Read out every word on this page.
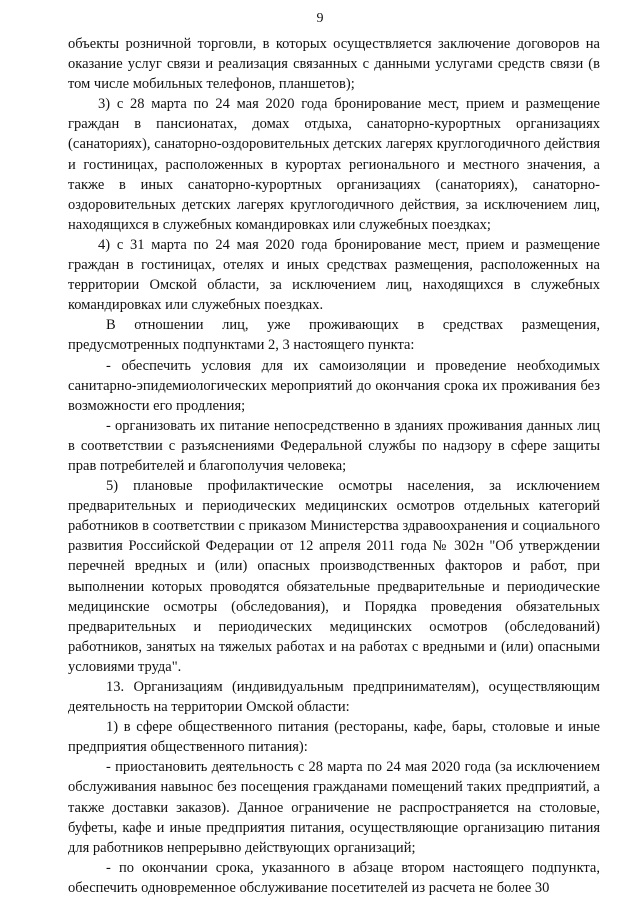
9

объекты розничной торговли, в которых осуществляется заключение договоров на оказание услуг связи и реализация связанных с данными услугами средств связи (в том числе мобильных телефонов, планшетов);

3) с 28 марта по 24 мая 2020 года бронирование мест, прием и размещение граждан в пансионатах, домах отдыха, санаторно-курортных организациях (санаториях), санаторно-оздоровительных детских лагерях круглогодичного действия и гостиницах, расположенных в курортах регионального и местного значения, а также в иных санаторно-курортных организациях (санаториях), санаторно-оздоровительных детских лагерях круглогодичного действия, за исключением лиц, находящихся в служебных командировках или служебных поездках;

4) с 31 марта по 24 мая 2020 года бронирование мест, прием и размещение граждан в гостиницах, отелях и иных средствах размещения, расположенных на территории Омской области, за исключением лиц, находящихся в служебных командировках или служебных поездках.

В отношении лиц, уже проживающих в средствах размещения, предусмотренных подпунктами 2, 3 настоящего пункта:

- обеспечить условия для их самоизоляции и проведение необходимых санитарно-эпидемиологических мероприятий до окончания срока их проживания без возможности его продления;

- организовать их питание непосредственно в зданиях проживания данных лиц в соответствии с разъяснениями Федеральной службы по надзору в сфере защиты прав потребителей и благополучия человека;

5) плановые профилактические осмотры населения, за исключением предварительных и периодических медицинских осмотров отдельных категорий работников в соответствии с приказом Министерства здравоохранения и социального развития Российской Федерации от 12 апреля 2011 года № 302н "Об утверждении перечней вредных и (или) опасных производственных факторов и работ, при выполнении которых проводятся обязательные предварительные и периодические медицинские осмотры (обследования), и Порядка проведения обязательных предварительных и периодических медицинских осмотров (обследований) работников, занятых на тяжелых работах и на работах с вредными и (или) опасными условиями труда".

13. Организациям (индивидуальным предпринимателям), осуществляющим деятельность на территории Омской области:

1) в сфере общественного питания (рестораны, кафе, бары, столовые и иные предприятия общественного питания):

- приостановить деятельность с 28 марта по 24 мая 2020 года (за исключением обслуживания навынос без посещения гражданами помещений таких предприятий, а также доставки заказов). Данное ограничение не распространяется на столовые, буфеты, кафе и иные предприятия питания, осуществляющие организацию питания для работников непрерывно действующих организаций;

- по окончании срока, указанного в абзаце втором настоящего подпункта, обеспечить одновременное обслуживание посетителей из расчета не более 30
